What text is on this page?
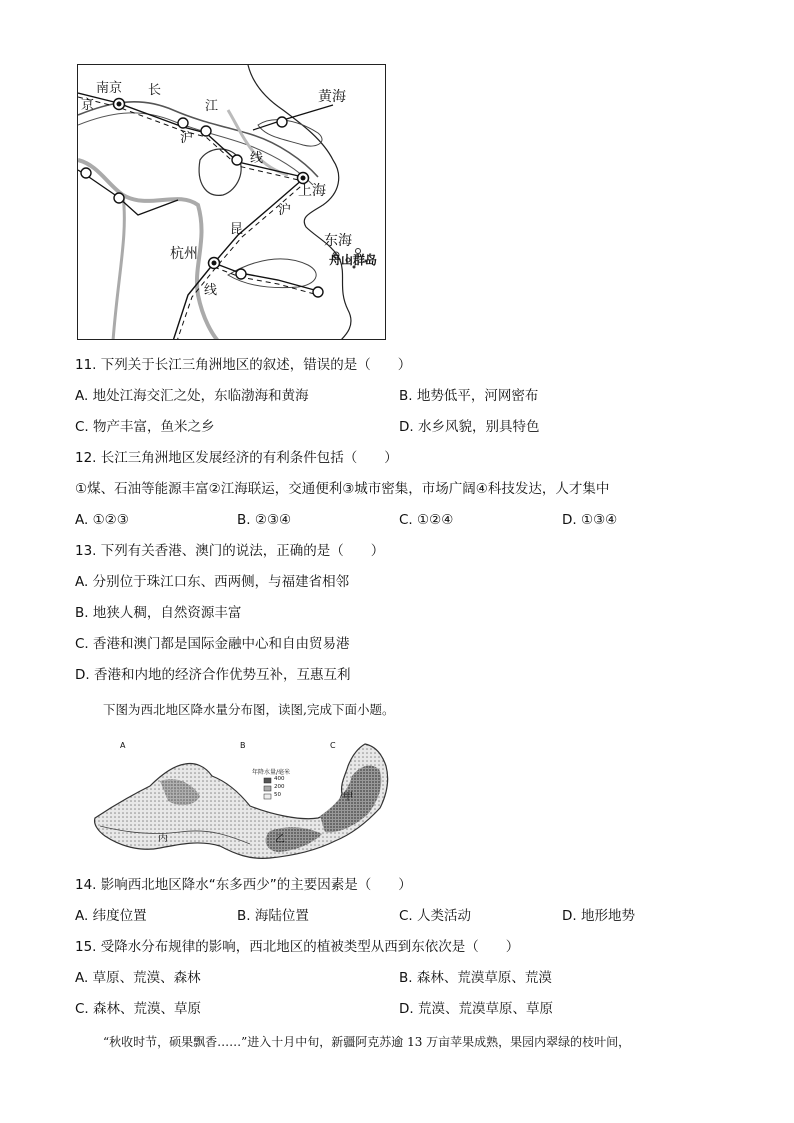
南京
京
长
江
黄海
沪
线
上海
沪
昆
杭州
东海
舟山群岛
线
11. 下列关于长江三角洲地区的叙述，错误的是（　　）
A. 地处江海交汇之处，东临渤海和黄海	B. 地势低平，河网密布
C. 物产丰富，鱼米之乡	D. 水乡风貌，别具特色
12. 长江三角洲地区发展经济的有利条件包括（　　）
①煤、石油等能源丰富②江海联运，交通便利③城市密集，市场广阔④科技发达，人才集中
A. ①②③	B. ②③④	C. ①②④	D. ①③④
13. 下列有关香港、澳门的说法，正确的是（　　）
A. 分别位于珠江口东、西两侧，与福建省相邻
B. 地狭人稠，自然资源丰富
C. 香港和澳门都是国际金融中心和自由贸易港
D. 香港和内地的经济合作优势互补，互惠互利
下图为西北地区降水量分布图，读图,完成下面小题。
A	B	C
年降水量/毫米
400
200
50	甲
乙
丙
14. 影响西北地区降水“东多西少”的主要因素是（　　）
A. 纬度位置	B. 海陆位置	C. 人类活动	D. 地形地势
15. 受降水分布规律的影响，西北地区的植被类型从西到东依次是（　　）
A. 草原、荒漠、森林	B. 森林、荒漠草原、荒漠
C. 森林、荒漠、草原	D. 荒漠、荒漠草原、草原
“秋收时节，硕果飘香……”进入十月中旬，新疆阿克苏逾 13 万亩苹果成熟，果园内翠绿的枝叶间，
